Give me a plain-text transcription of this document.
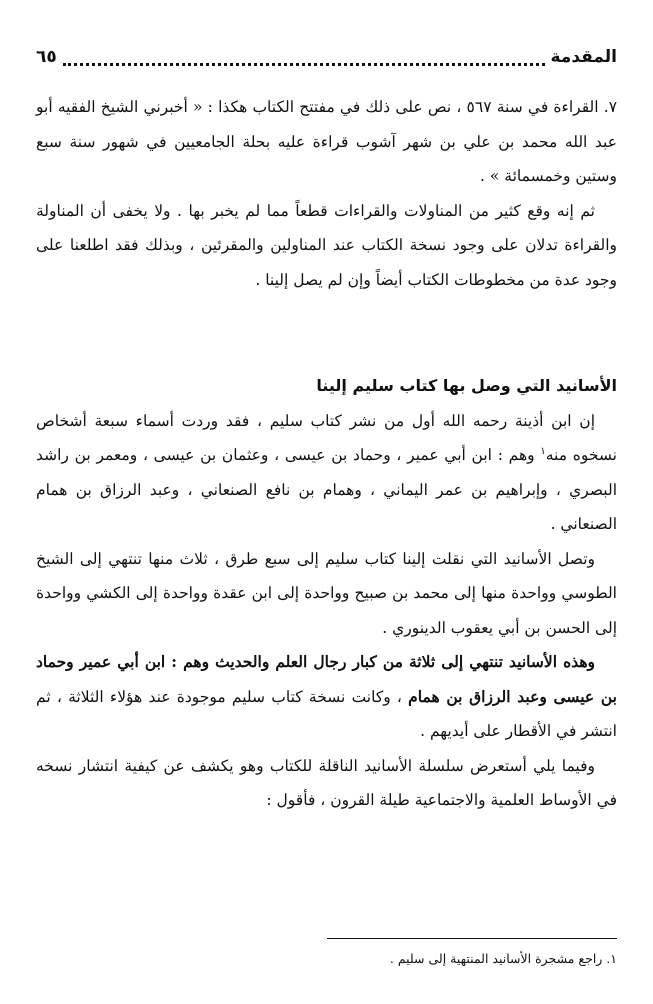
المقدمة
٦٥

٧. القراءة في سنة ٥٦٧ ، نص على ذلك في مفتتح الكتاب هكذا : « أخبرني الشيخ الفقيه أبو عبد الله محمد بن علي بن شهر آشوب قراءة عليه بحلة الجامعيين في شهور سنة سبع وستين وخمسمائة » .

ثم إنه وقع كثير من المناولات والقراءات قطعاً مما لم يخبر بها . ولا يخفى أن المناولة والقراءة تدلان على وجود نسخة الكتاب عند المناولين والمقرئين ، وبذلك فقد اطلعنا على وجود عدة من مخطوطات الكتاب أيضاً وإن لم يصل إلينا .

الأسانيد التي وصل بها كتاب سليم إلينا

إن ابن أذينة رحمه الله أول من نشر كتاب سليم ، فقد وردت أسماء سبعة أشخاص نسخوه منه$^١$ وهم : ابن أبي عمير ، وحماد بن عيسى ، وعثمان بن عيسى ، ومعمر بن راشد البصري ، وإبراهيم بن عمر اليماني ، وهمام بن نافع الصنعاني ، وعبد الرزاق بن همام الصنعاني .

وتصل الأسانيد التي نقلت إلينا كتاب سليم إلى سبع طرق ، ثلاث منها تنتهي إلى الشيخ الطوسي وواحدة منها إلى محمد بن صبيح وواحدة إلى ابن عقدة وواحدة إلى الكشي وواحدة إلى الحسن بن أبي يعقوب الدينوري .

وهذه الأسانيد تنتهي إلى ثلاثة من كبار رجال العلم والحديث وهم : ابن أبي عمير وحماد بن عيسى وعبد الرزاق بن همام ، وكانت نسخة كتاب سليم موجودة عند هؤلاء الثلاثة ، ثم انتشر في الأقطار على أيديهم .

وفيما يلي أستعرض سلسلة الأسانيد الناقلة للكتاب وهو يكشف عن كيفية انتشار نسخه في الأوساط العلمية والاجتماعية طيلة القرون ، فأقول :

١. راجع مشجرة الأسانيد المنتهية إلى سليم .
